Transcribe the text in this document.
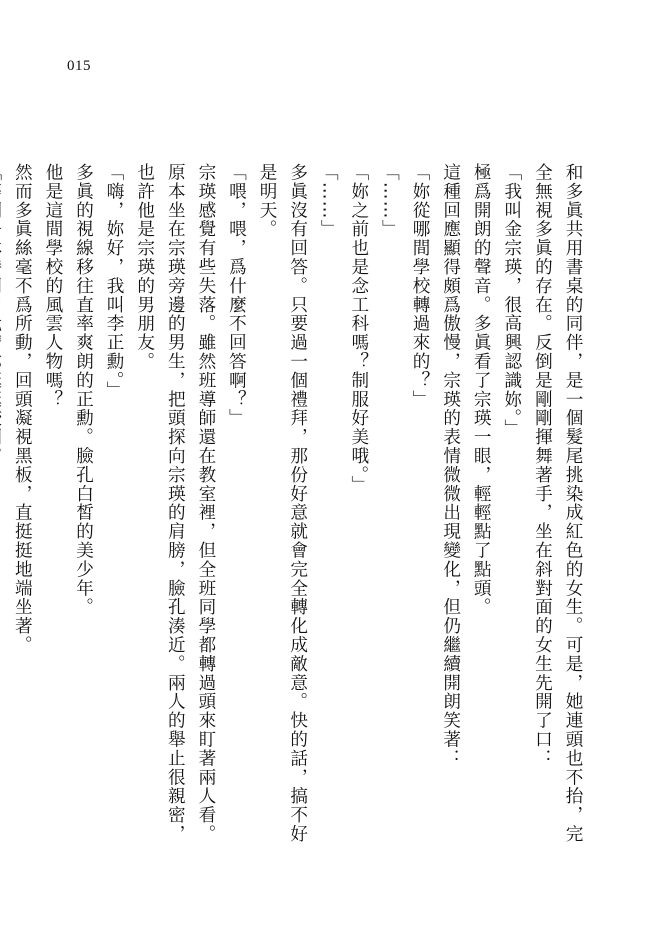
015

和多眞共用書桌的同伴，是一個髮尾挑染成紅色的女生。可是，她連頭也不抬，完全無視多眞的存在。反倒是剛剛揮舞著手，坐在斜對面的女生先開了口：

「我叫金宗瑛，很高興認識妳。」

極爲開朗的聲音。多眞看了宗瑛一眼，輕輕點了點頭。

這種回應顯得頗爲傲慢，宗瑛的表情微微出現變化，但仍繼續開朗笑著：

「妳從哪間學校轉過來的？」

「……」

「妳之前也是念工科嗎？制服好美哦。」

「……」

多眞沒有回答。只要過一個禮拜，那份好意就會完全轉化成敵意。快的話，搞不好是明天。

「喂，喂，爲什麼不回答啊？」

宗瑛感覺有些失落。雖然班導師還在教室裡，但全班同學都轉過頭來盯著兩人看。

原本坐在宗瑛旁邊的男生，把頭探向宗瑛的肩膀，臉孔湊近。兩人的舉止很親密，也許他是宗瑛的男朋友。

「嗨，妳好，我叫李正勳。」

多眞的視線移往直率爽朗的正勳。臉孔白皙的美少年。

他是這間學校的風雲人物嗎？

然而多眞絲毫不爲所動，回頭凝視黑板，直挺挺地端坐著。
